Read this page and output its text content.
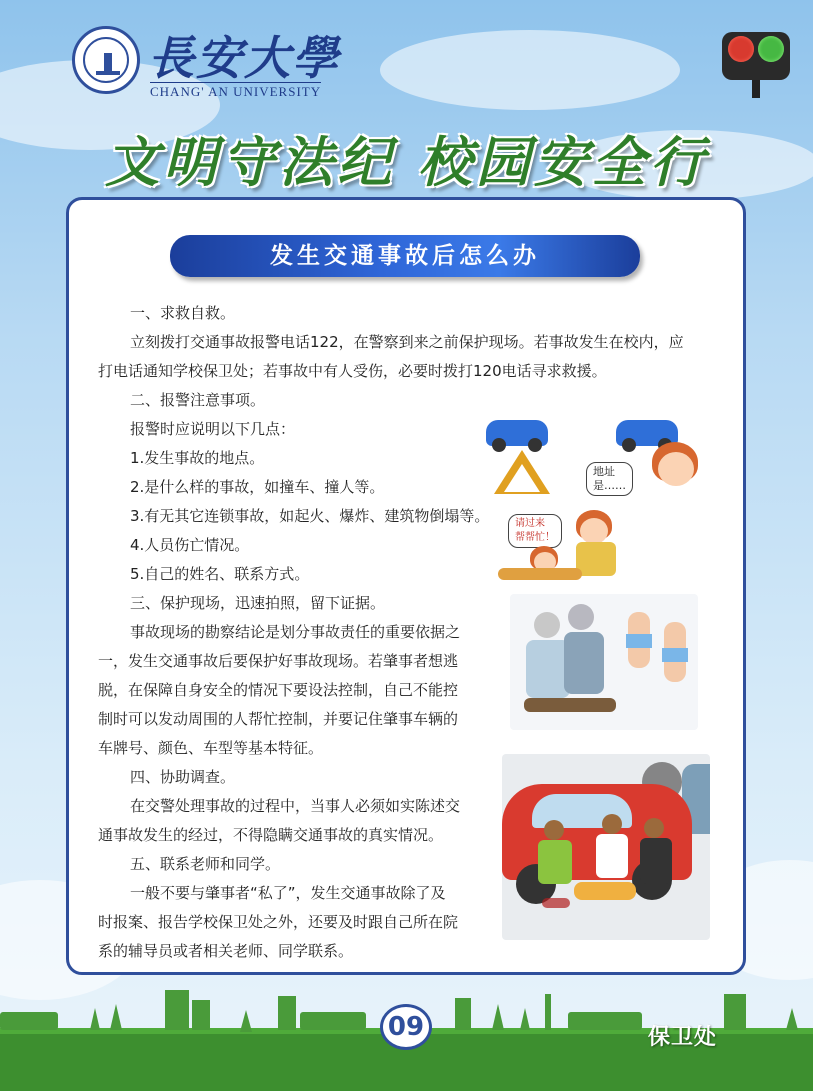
長安大學
CHANG' AN UNIVERSITY
文明守法纪 校园安全行
发生交通事故后怎么办
一、求救自救。
立刻拨打交通事故报警电话122，在警察到来之前保护现场。若事故发生在校内，应
打电话通知学校保卫处；若事故中有人受伤，必要时拨打120电话寻求救援。
二、报警注意事项。
报警时应说明以下几点：
1.发生事故的地点。
2.是什么样的事故，如撞车、撞人等。
3.有无其它连锁事故，如起火、爆炸、建筑物倒塌等。
4.人员伤亡情况。
5.自己的姓名、联系方式。
三、保护现场，迅速拍照，留下证据。
事故现场的勘察结论是划分事故责任的重要依据之
一，发生交通事故后要保护好事故现场。若肇事者想逃
脱，在保障自身安全的情况下要设法控制，自己不能控
制时可以发动周围的人帮忙控制，并要记住肇事车辆的
车牌号、颜色、车型等基本特征。
四、协助调查。
在交警处理事故的过程中，当事人必须如实陈述交
通事故发生的经过，不得隐瞒交通事故的真实情况。
五、联系老师和同学。
一般不要与肇事者“私了”，发生交通事故除了及
时报案、报告学校保卫处之外，还要及时跟自己所在院
系的辅导员或者相关老师、同学联系。
地址
是……
请过来
帮帮忙！
09	保卫处
